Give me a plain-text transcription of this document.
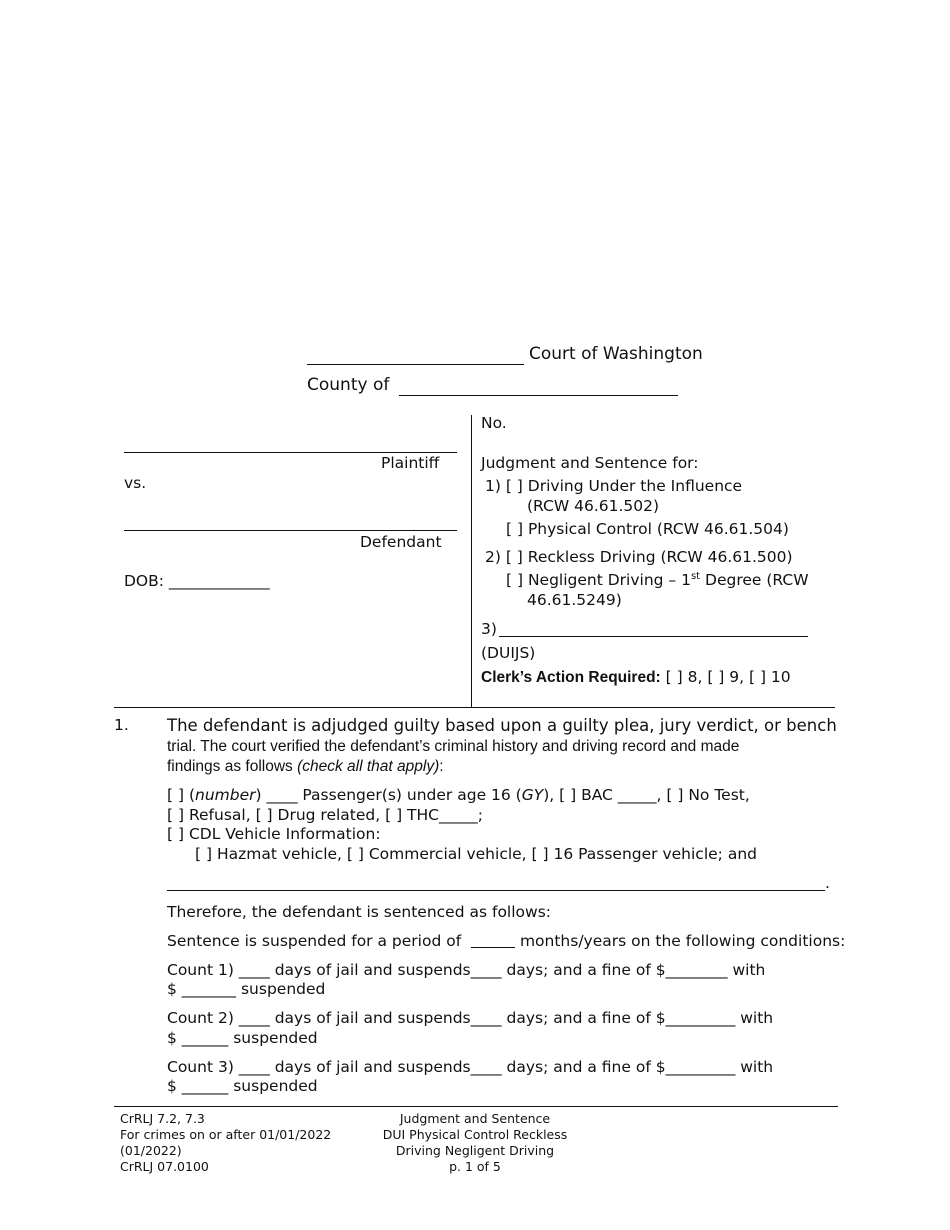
Court of Washington
County of
Plaintiff
vs.
Defendant
DOB: _____________
No.
Judgment and Sentence for:
1) [ ] Driving Under the Influence
(RCW 46.61.502)
[ ] Physical Control (RCW 46.61.504)
2) [ ] Reckless Driving (RCW 46.61.500)
[ ] Negligent Driving – 1st Degree (RCW
46.61.5249)
3)
(DUIJS)
Clerk’s Action Required: [ ] 8, [ ] 9, [ ] 10
1. The defendant is adjudged guilty based upon a guilty plea, jury verdict, or bench
trial. The court verified the defendant’s criminal history and driving record and made
findings as follows (check all that apply):
[ ] (number) ____ Passenger(s) under age 16 (GY), [ ] BAC _____, [ ] No Test,
[ ] Refusal, [ ] Drug related, [ ] THC_____;
[ ] CDL Vehicle Information:
[ ] Hazmat vehicle, [ ] Commercial vehicle, [ ] 16 Passenger vehicle; and
.
Therefore, the defendant is sentenced as follows:
Sentence is suspended for a period of	months/years on the following conditions:
Count 1) ____ days of jail and suspends____ days; and a fine of $________ with
$ _______ suspended
Count 2) ____ days of jail and suspends____ days; and a fine of $_________ with
$ ______ suspended
Count 3) ____ days of jail and suspends____ days; and a fine of $_________ with
$ ______ suspended
CrRLJ 7.2, 7.3
For crimes on or after 01/01/2022
(01/2022)
CrRLJ 07.0100
Judgment and Sentence
DUI Physical Control Reckless
Driving Negligent Driving
p. 1 of 5
